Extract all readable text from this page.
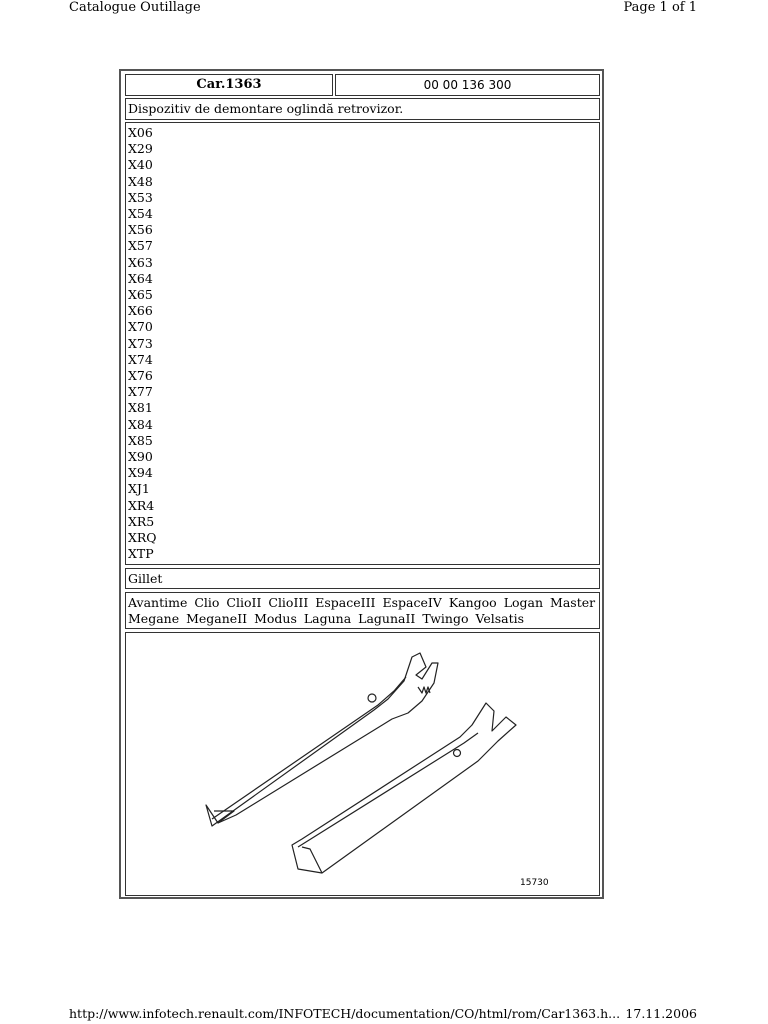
Catalogue Outillage	Page 1 of 1
Car.1363	00 00 136 300
Dispozitiv de demontare oglindă retrovizor.
X06
X29
X40
X48
X53
X54
X56
X57
X63
X64
X65
X66
X70
X73
X74
X76
X77
X81
X84
X85
X90
X94
XJ1
XR4
XR5
XRQ
XTP
Gillet
Avantime Clio ClioII ClioIII EspaceIII EspaceIV Kangoo Logan Master Megane MeganeII Modus Laguna LagunaII Twingo Velsatis
15730
http://www.infotech.renault.com/INFOTECH/documentation/CO/html/rom/Car1363.h... 17.11.2006
